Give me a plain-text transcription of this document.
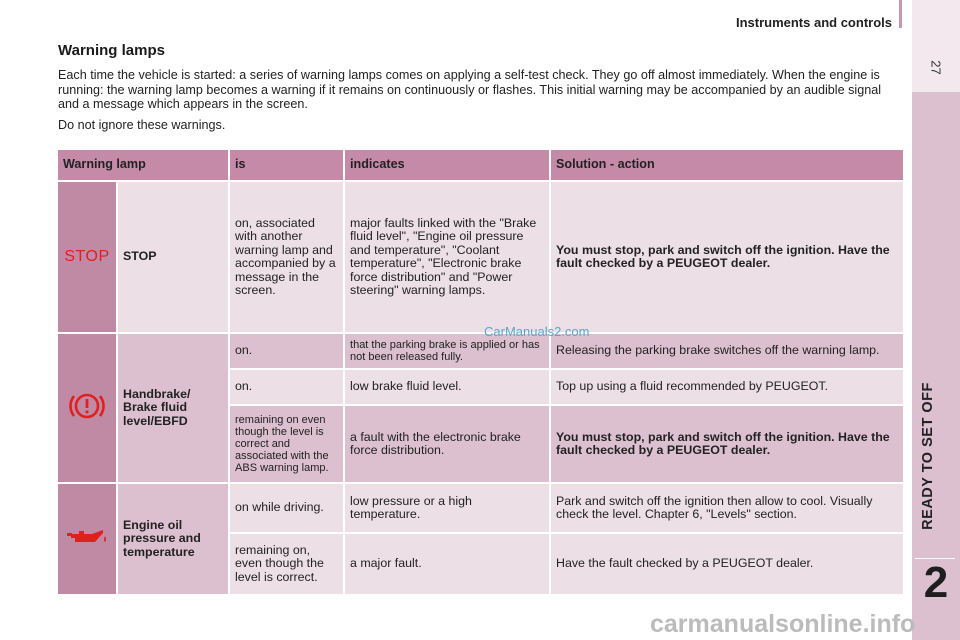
Instruments and controls
27
READY TO SET OFF
2
Warning lamps

Each time the vehicle is started: a series of warning lamps comes on applying a self-test check. They go off almost immediately. When the engine is running: the warning lamp becomes a warning if it remains on continuously or flashes. This initial warning may be accompanied by an audible signal and a message which appears in the screen.

Do not ignore these warnings.

Warning lamp		is	indicates	Solution - action
STOP	STOP	on, associated with another warning lamp and accompanied by a message in the screen.	major faults linked with the "Brake fluid level", "Engine oil pressure and temperature", "Coolant temperature", "Electronic brake force distribution" and "Power steering" warning lamps.	You must stop, park and switch off the ignition. Have the fault checked by a PEUGEOT dealer.
	Handbrake/ Brake fluid level/EBFD	on.	that the parking brake is applied or has not been released fully.	Releasing the parking brake switches off the warning lamp.
		on.	low brake fluid level.	Top up using a fluid recommended by PEUGEOT.
		remaining on even though the level is correct and associated with the ABS warning lamp.	a fault with the electronic brake force distribution.	You must stop, park and switch off the ignition. Have the fault checked by a PEUGEOT dealer.
	Engine oil pressure and temperature	on while driving.	low pressure or a high temperature.	Park and switch off the ignition then allow to cool. Visually check the level. Chapter 6, "Levels" section.
		remaining on, even though the level is correct.	a major fault.	Have the fault checked by a PEUGEOT dealer.
CarManuals2.com
carmanualsonline.info
